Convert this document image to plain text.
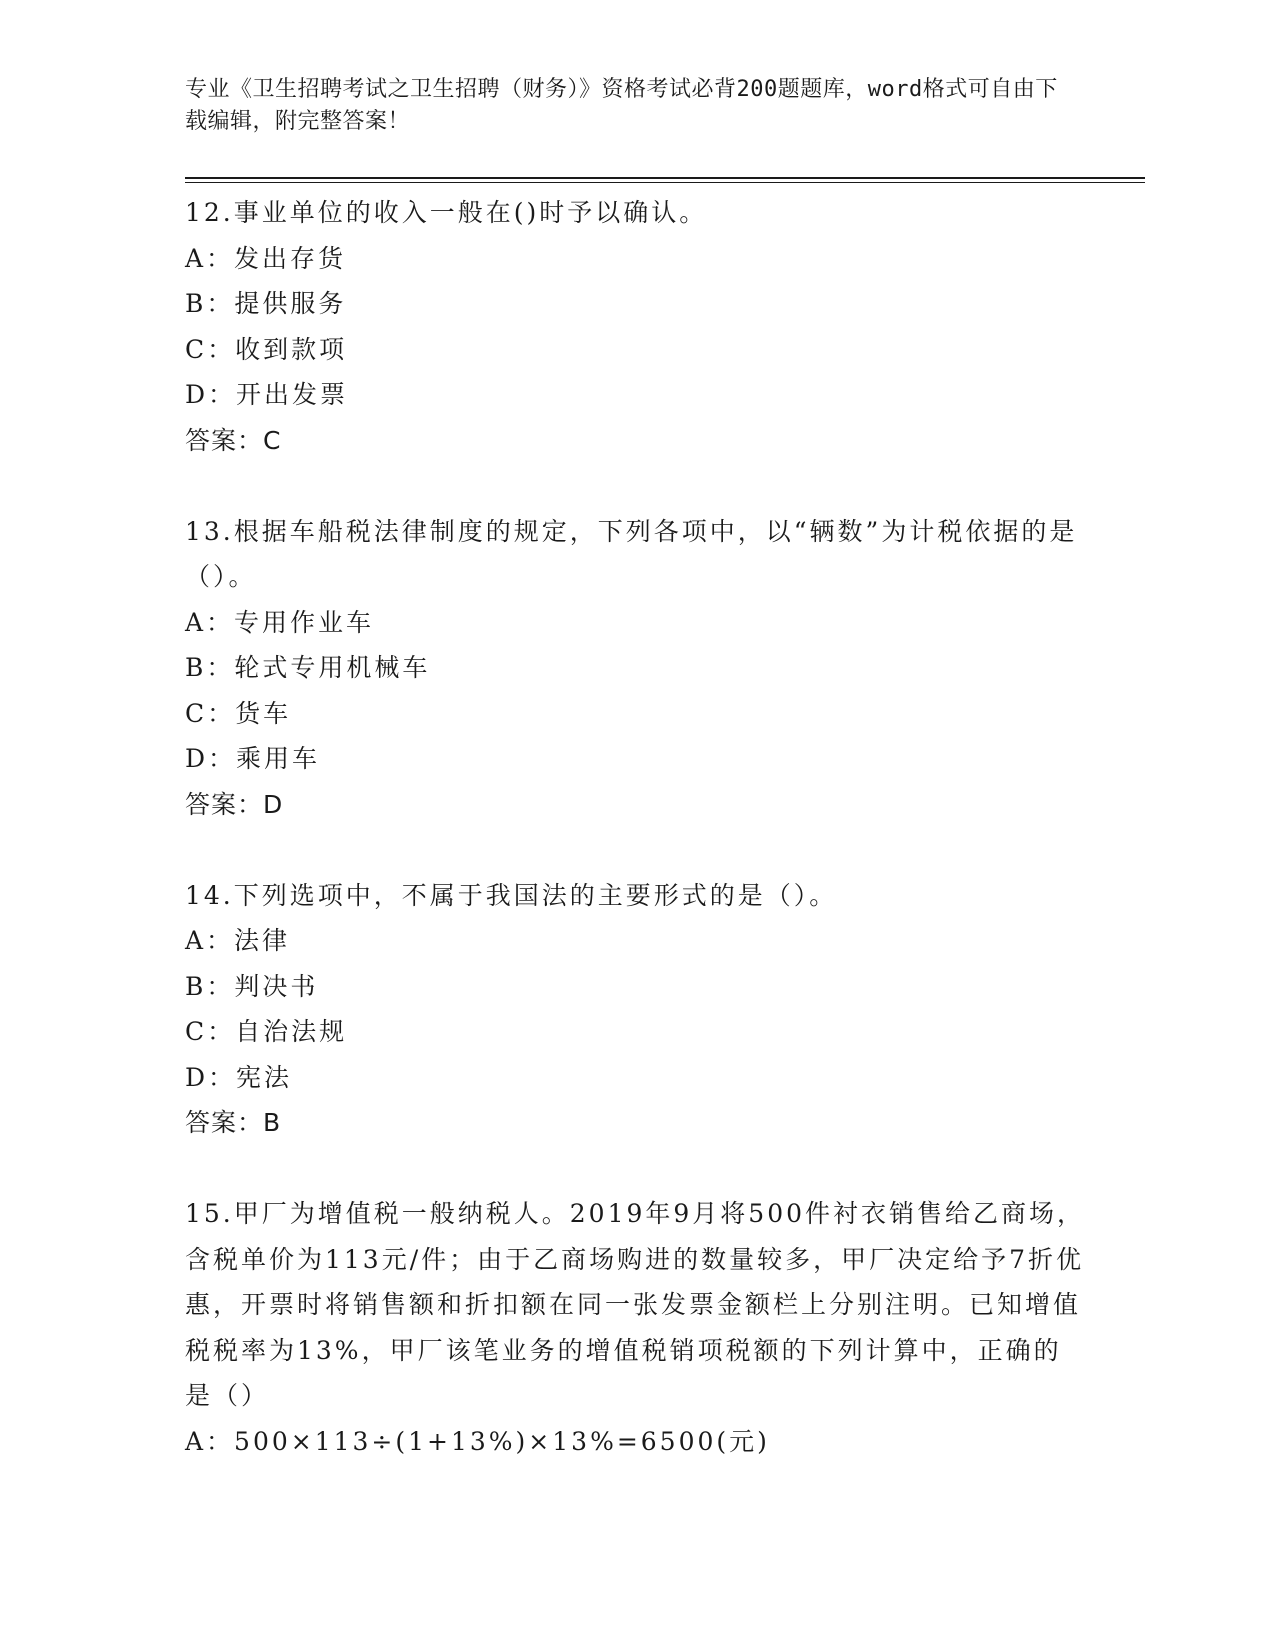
专业《卫生招聘考试之卫生招聘（财务）》资格考试必背200题题库，word格式可自由下载编辑，附完整答案！

12.事业单位的收入一般在()时予以确认。

A：发出存货

B：提供服务

C：收到款项

D：开出发票

答案：C

13.根据车船税法律制度的规定，下列各项中，以“辆数”为计税依据的是（）。

A：专用作业车

B：轮式专用机械车

C：货车

D：乘用车

答案：D

14.下列选项中，不属于我国法的主要形式的是（）。

A：法律

B：判决书

C：自治法规

D：宪法

答案：B

15.甲厂为增值税一般纳税人。2019年9月将500件衬衣销售给乙商场，含税单价为113元/件；由于乙商场购进的数量较多，甲厂决定给予7折优惠，开票时将销售额和折扣额在同一张发票金额栏上分别注明。已知增值税税率为13%，甲厂该笔业务的增值税销项税额的下列计算中，正确的是（）

A：500×113÷(1+13%)×13%=6500(元)
